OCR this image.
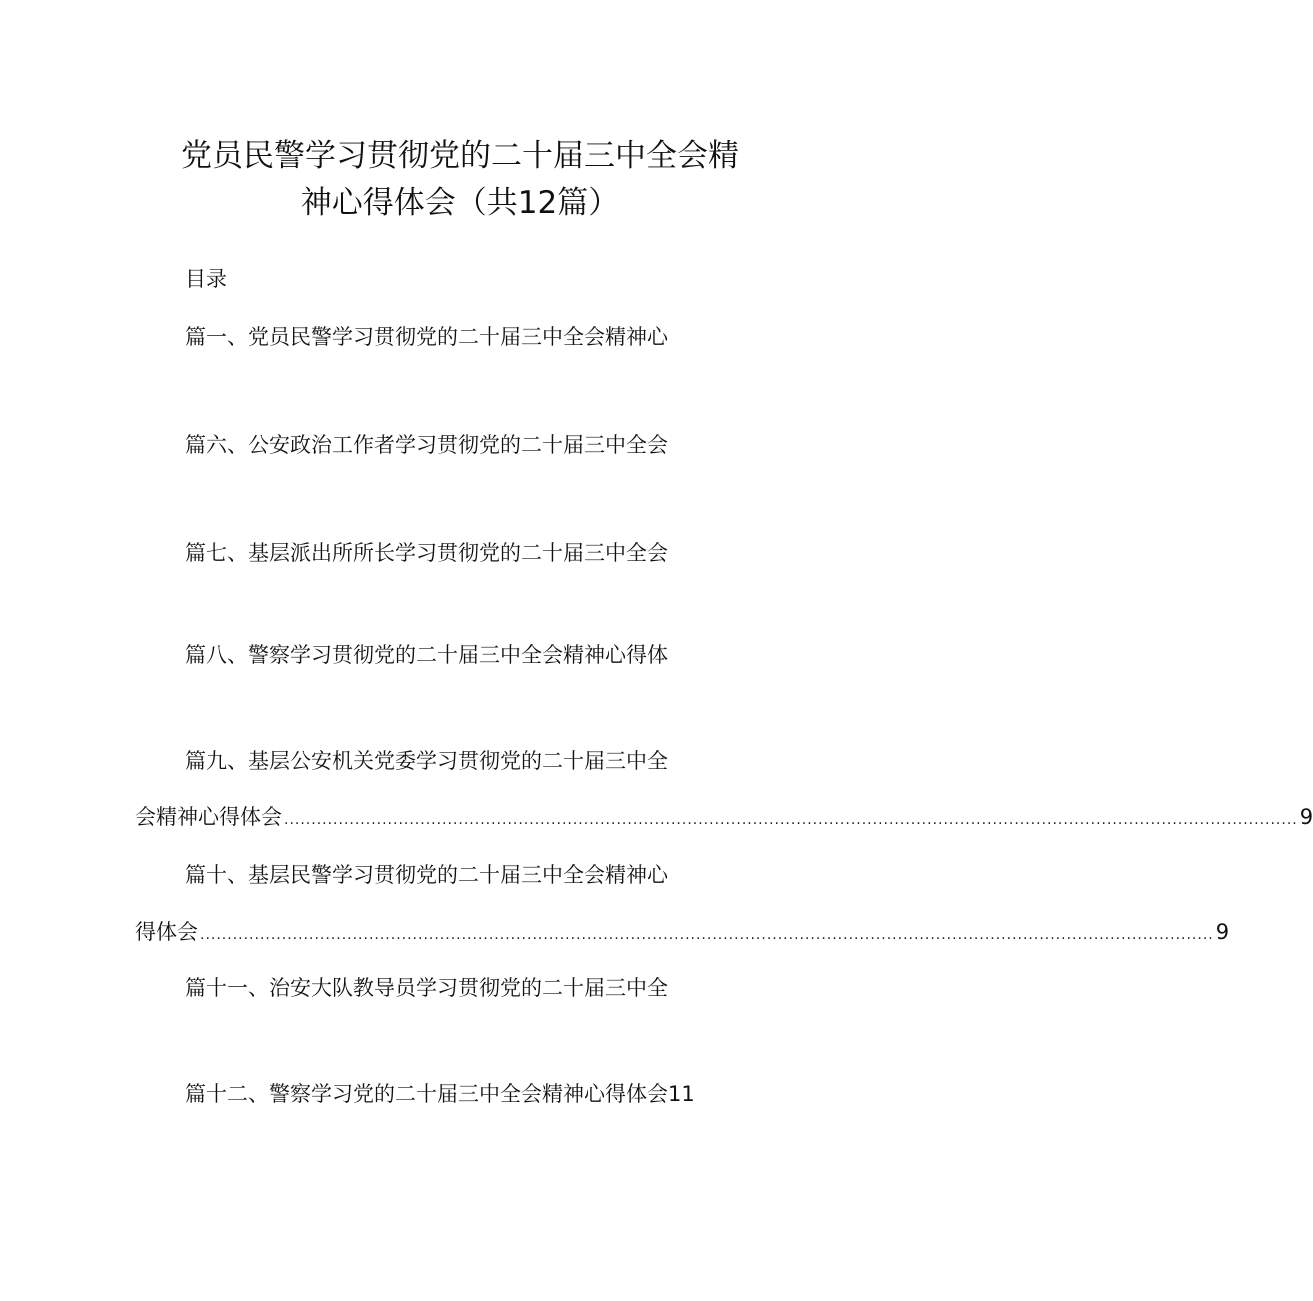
党员民警学习贯彻党的二十届三中全会精
神心得体会（共12篇）
目录
篇一、党员民警学习贯彻党的二十届三中全会精神心
篇六、公安政治工作者学习贯彻党的二十届三中全会
篇七、基层派出所所长学习贯彻党的二十届三中全会
篇八、警察学习贯彻党的二十届三中全会精神心得体
篇九、基层公安机关党委学习贯彻党的二十届三中全
会精神心得体会 .......................................................................................................................................................................................... 9
篇十、基层民警学习贯彻党的二十届三中全会精神心
得体会 .......................................................................................................................................................................................... 9
篇十一、治安大队教导员学习贯彻党的二十届三中全
篇十二、警察学习党的二十届三中全会精神心得体会11
